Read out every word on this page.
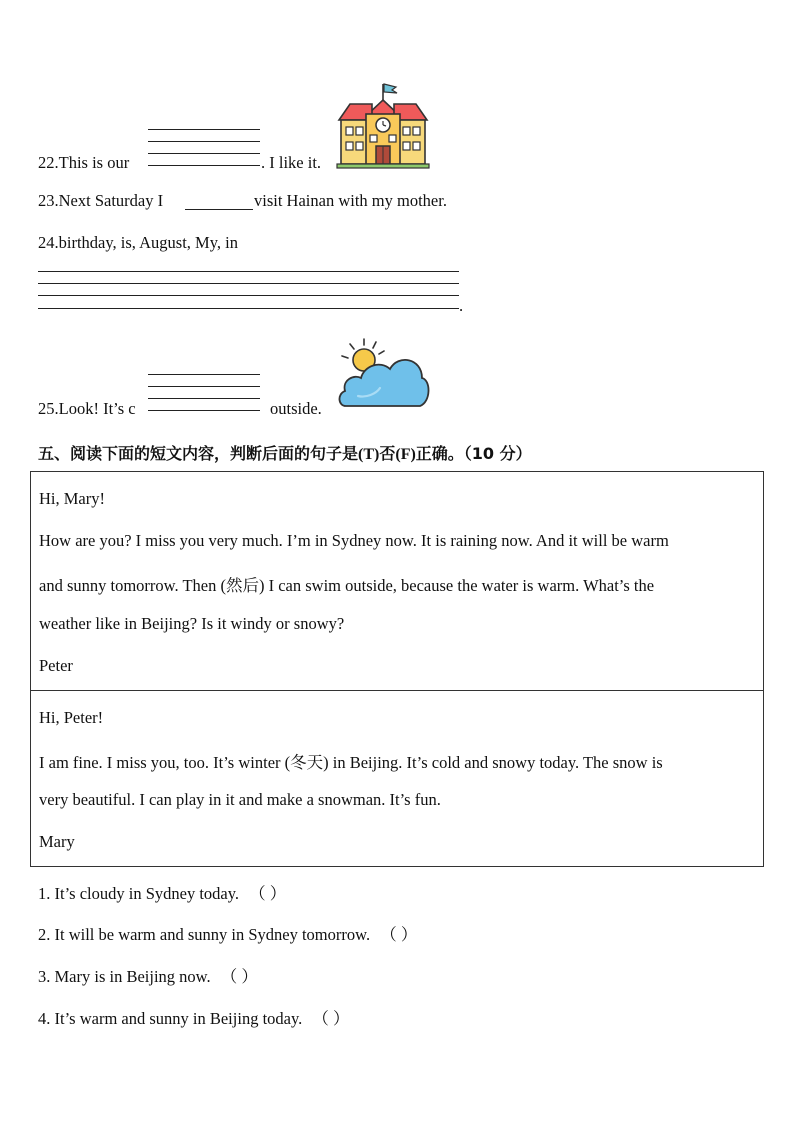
22.This is our	. I like it.
23.Next Saturday I	visit Hainan with my mother.
24.birthday, is, August, My, in
.
25.Look! It’s c	outside.
五、阅读下面的短文内容，判断后面的句子是(T)否(F)正确。（10 分）
Hi, Mary!
How are you? I miss you very much. I’m in Sydney now. It is raining now. And it will be warm
and sunny tomorrow. Then (然后) I can swim outside, because the water is warm. What’s the
weather like in Beijing? Is it windy or snowy?
Peter
Hi, Peter!
I am fine. I miss you, too. It’s winter (冬天) in Beijing. It’s cold and snowy today. The snow is
very beautiful. I can play in it and make a snowman. It’s fun.
Mary
1. It’s cloudy in Sydney today. （ ）
2. It will be warm and sunny in Sydney tomorrow. （ ）
3. Mary is in Beijing now. （ ）
4. It’s warm and sunny in Beijing today. （ ）
